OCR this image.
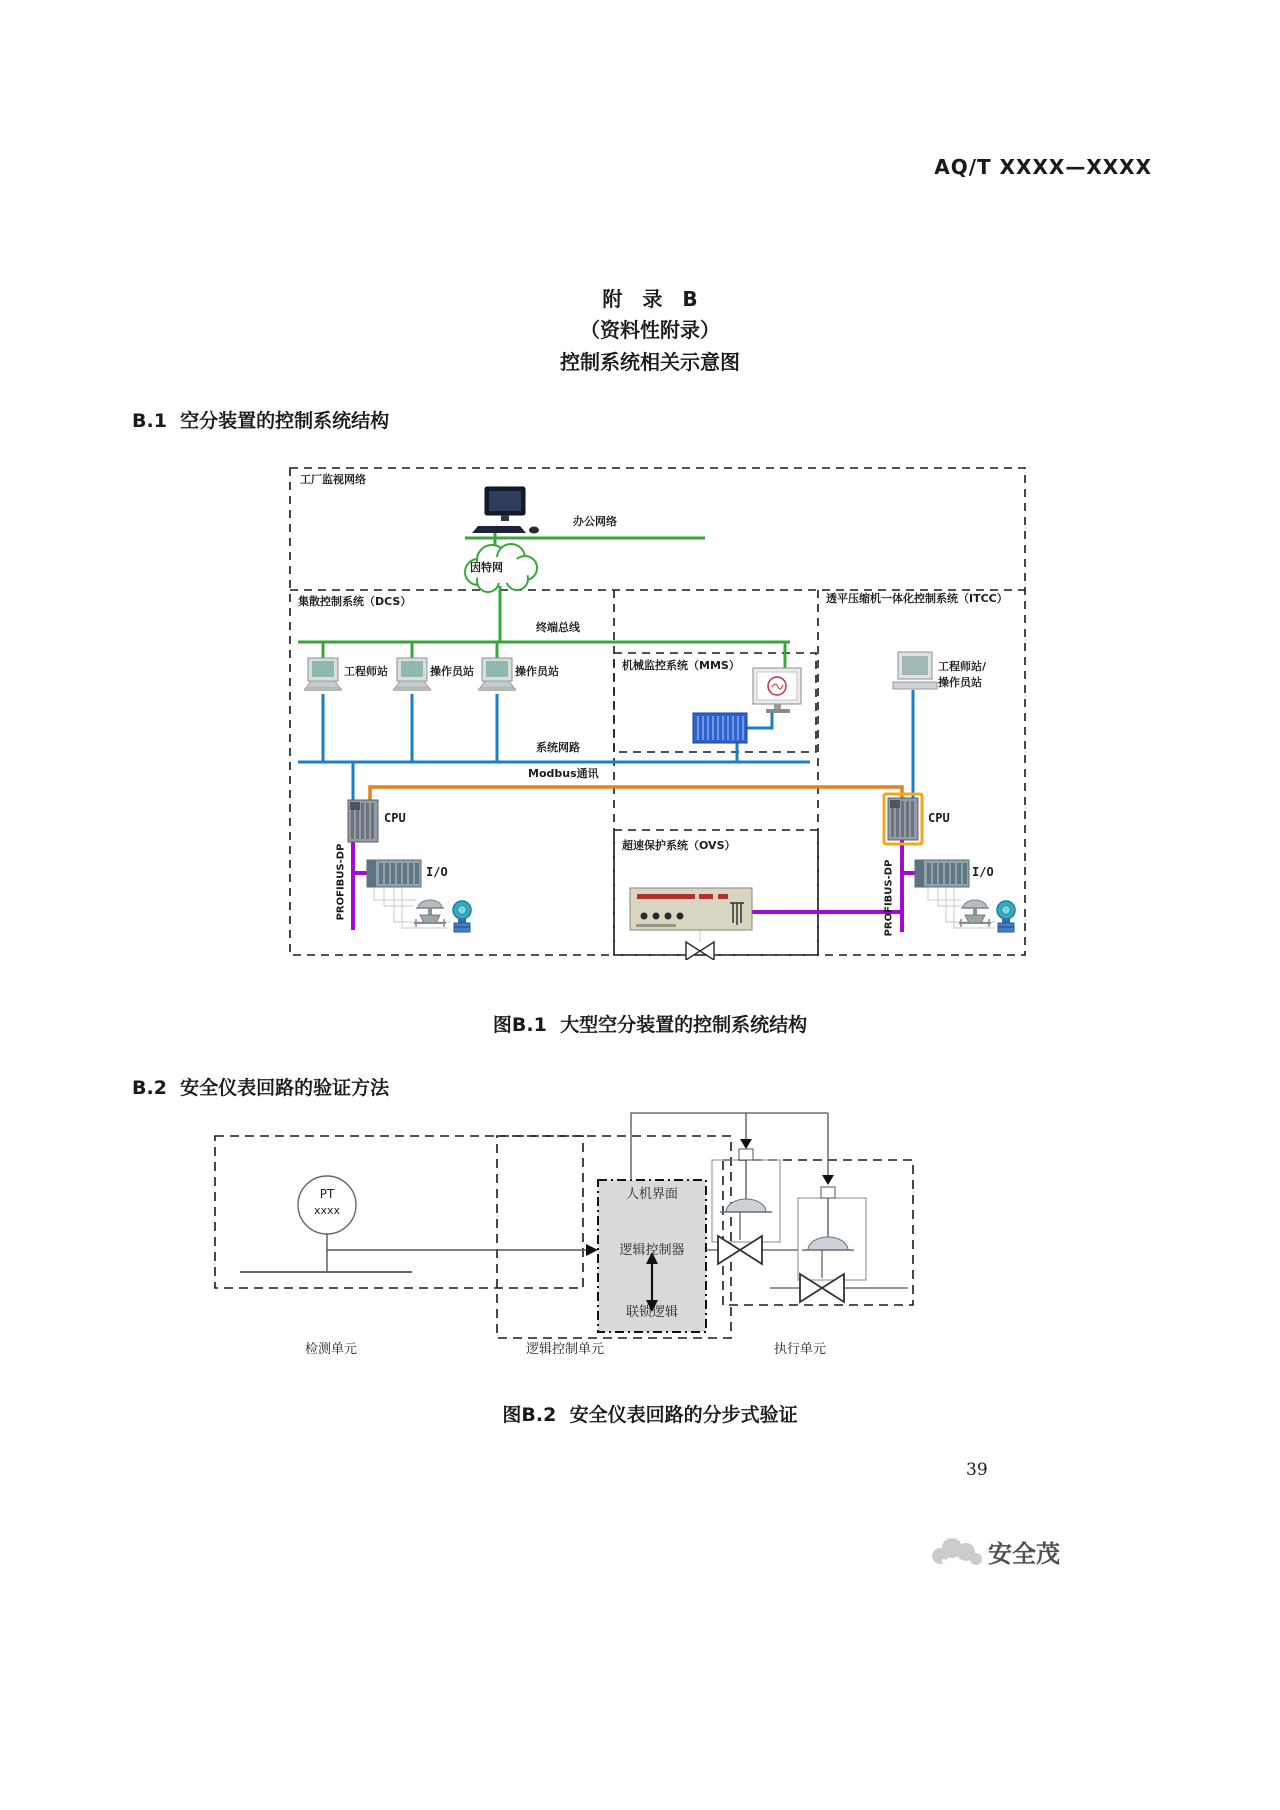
AQ/T XXXX—XXXX
附　录　B
（资料性附录）
控制系统相关示意图
B.1  空分装置的控制系统结构
工厂监视网络
办公网络
因特网
集散控制系统（DCS）
终端总线
工程师站	操作员站	操作员站	机械监控系统（MMS）
透平压缩机一体化控制系统（ITCC）
工程师站/
操作员站
系统网路
Modbus通讯
CPU	CPU
I/O	I/O
PROFIBUS-DP	PROFIBUS-DP
超速保护系统（OVS）
图B.1  大型空分装置的控制系统结构
B.2  安全仪表回路的验证方法
人机界面
逻辑控制器
联锁逻辑
PT
xxxx
检测单元	逻辑控制单元	执行单元
图B.2  安全仪表回路的分步式验证
39
安全茂
